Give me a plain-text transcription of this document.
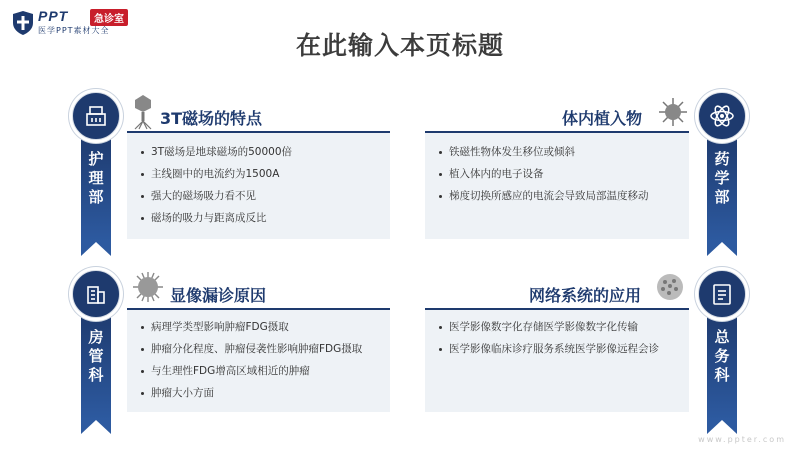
PPT	急诊室
医学PPT素材大全
在此输入本页标题
3T磁场的特点
3T磁场是地球磁场的50000倍
主线圈中的电流约为1500A
强大的磁场吸力看不见
磁场的吸力与距离成反比
体内植入物
铁磁性物体发生移位或倾斜
植入体内的电子设备
梯度切换所感应的电流会导致局部温度移动
显像漏诊原因
病理学类型影响肿瘤FDG摄取
肿瘤分化程度、肿瘤侵袭性影响肿瘤FDG摄取
与生理性FDG增高区域相近的肿瘤
肿瘤大小方面
网络系统的应用
医学影像数字化存储医学影像数字化传输
医学影像临床诊疗服务系统医学影像远程会诊
护
理
部
药
学
部
房
管
科
总
务
科
www.ppter.com
